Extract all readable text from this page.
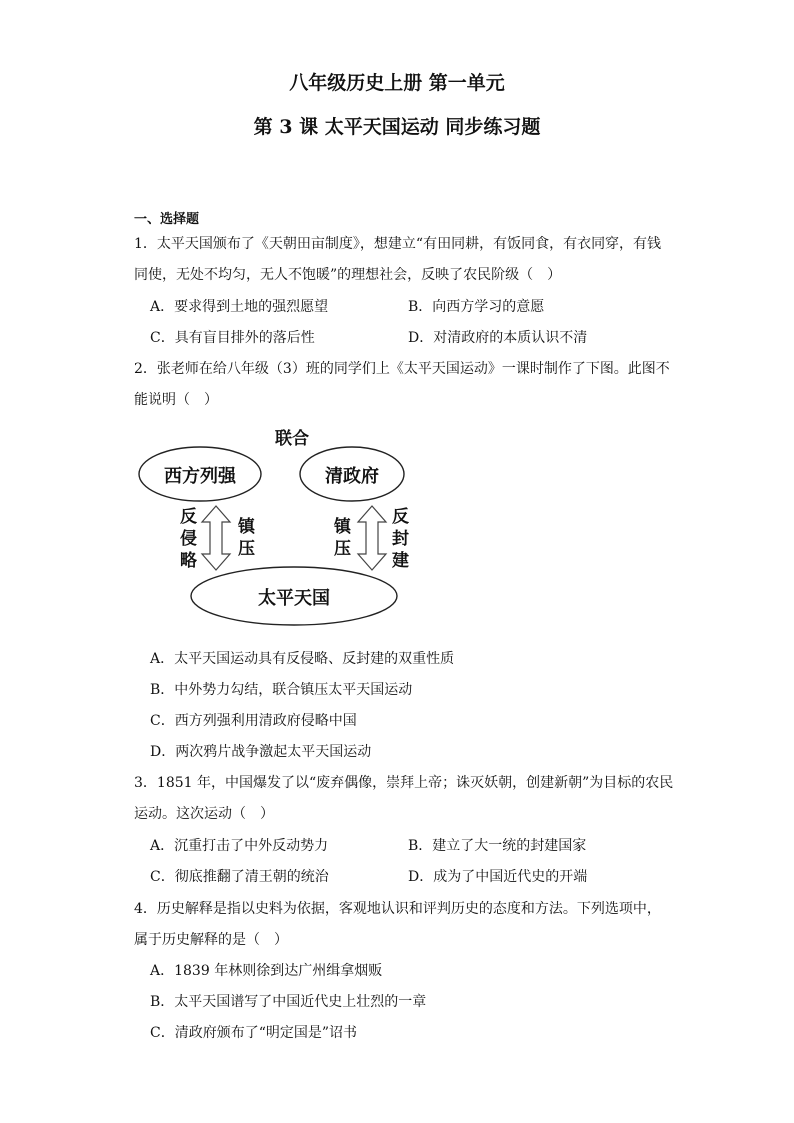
八年级历史上册 第一单元
第 3 课 太平天国运动 同步练习题
一、选择题
1．太平天国颁布了《天朝田亩制度》，想建立“有田同耕，有饭同食，有衣同穿，有钱
同使，无处不均匀，无人不饱暖”的理想社会，反映了农民阶级（　）
A．要求得到土地的强烈愿望	B．向西方学习的意愿
C．具有盲目排外的落后性	D．对清政府的本质认识不清
2．张老师在给八年级（3）班的同学们上《太平天国运动》一课时制作了下图。此图不
能说明（　）
联合
西方列强	清政府
太平天国
反 侵 略
镇 压
镇 压
反 封 建
A．太平天国运动具有反侵略、反封建的双重性质
B．中外势力勾结，联合镇压太平天国运动
C．西方列强利用清政府侵略中国
D．两次鸦片战争激起太平天国运动
3．1851 年，中国爆发了以“废弃偶像，崇拜上帝；诛灭妖朝，创建新朝”为目标的农民
运动。这次运动（　）
A．沉重打击了中外反动势力	B．建立了大一统的封建国家
C．彻底推翻了清王朝的统治	D．成为了中国近代史的开端
4．历史解释是指以史料为依据，客观地认识和评判历史的态度和方法。下列选项中，
属于历史解释的是（　）
A．1839 年林则徐到达广州缉拿烟贩
B．太平天国谱写了中国近代史上壮烈的一章
C．清政府颁布了“明定国是”诏书
